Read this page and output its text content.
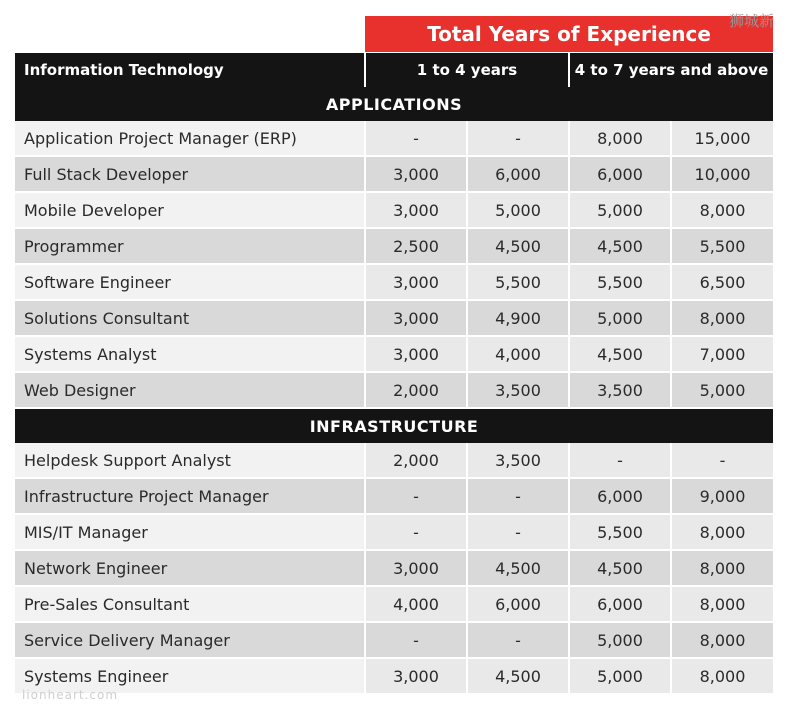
狮城新
	Total Years of Experience			
Information Technology	1 to 4 years		4 to 7 years and above	
APPLICATIONS				
Application Project Manager (ERP)	-	-	8,000	15,000
Full Stack Developer	3,000	6,000	6,000	10,000
Mobile Developer	3,000	5,000	5,000	8,000
Programmer	2,500	4,500	4,500	5,500
Software Engineer	3,000	5,500	5,500	6,500
Solutions Consultant	3,000	4,900	5,000	8,000
Systems Analyst	3,000	4,000	4,500	7,000
Web Designer	2,000	3,500	3,500	5,000
INFRASTRUCTURE				
Helpdesk Support Analyst	2,000	3,500	-	-
Infrastructure Project Manager	-	-	6,000	9,000
MIS/IT Manager	-	-	5,500	8,000
Network Engineer	3,000	4,500	4,500	8,000
Pre-Sales Consultant	4,000	6,000	6,000	8,000
Service Delivery Manager	-	-	5,000	8,000
Systems Engineer	3,000	4,500	5,000	8,000
lionheart.com
